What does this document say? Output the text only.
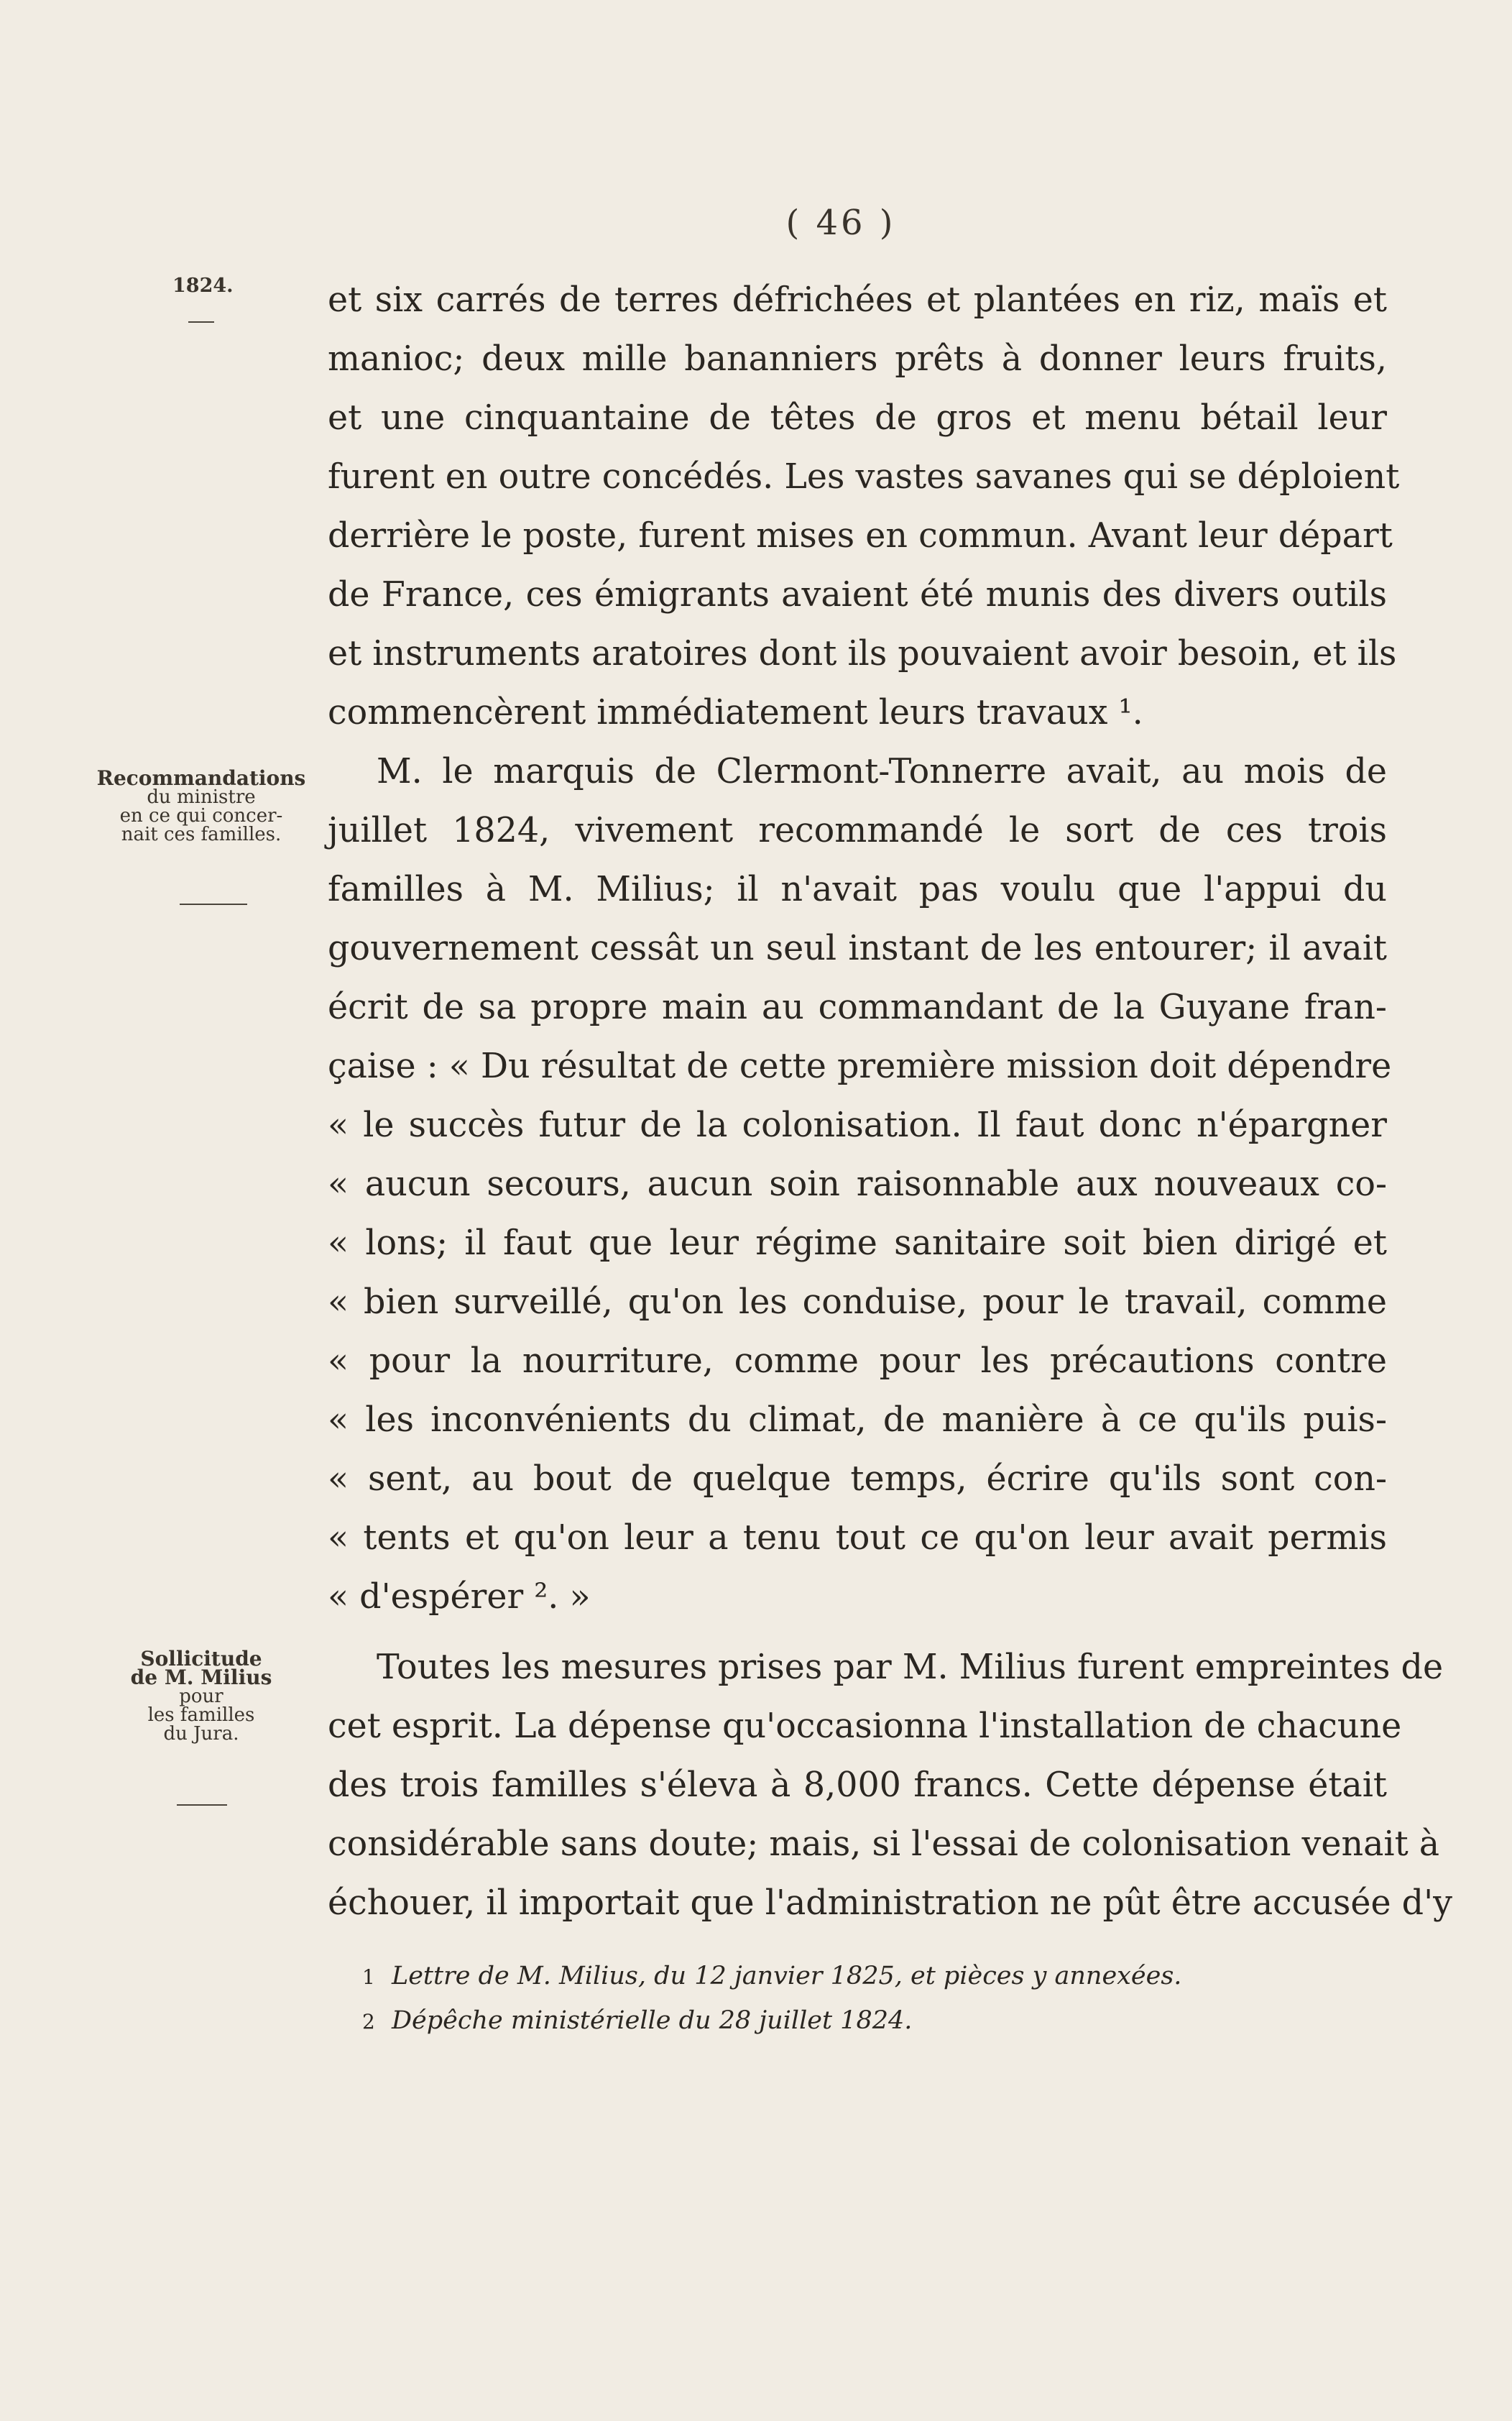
( 46 )
1824.
Recommandations
du ministre
en ce qui concer-
nait ces familles.
Sollicitude
de M. Milius
pour
les familles
du Jura.
et six carrés de terres défrichées et plantées en riz, maïs et
manioc; deux mille bananniers prêts à donner leurs fruits,
et une cinquantaine de têtes de gros et menu bétail leur
furent en outre concédés. Les vastes savanes qui se déploient
derrière le poste, furent mises en commun. Avant leur départ
de France, ces émigrants avaient été munis des divers outils
et instruments aratoires dont ils pouvaient avoir besoin, et ils
commencèrent immédiatement leurs travaux ¹.
M. le marquis de Clermont-Tonnerre avait, au mois de
juillet 1824, vivement recommandé le sort de ces trois
familles à M. Milius; il n'avait pas voulu que l'appui du
gouvernement cessât un seul instant de les entourer; il avait
écrit de sa propre main au commandant de la Guyane fran-
çaise : « Du résultat de cette première mission doit dépendre
« le succès futur de la colonisation. Il faut donc n'épargner
« aucun secours, aucun soin raisonnable aux nouveaux co-
« lons; il faut que leur régime sanitaire soit bien dirigé et
« bien surveillé, qu'on les conduise, pour le travail, comme
« pour la nourriture, comme pour les précautions contre
« les inconvénients du climat, de manière à ce qu'ils puis-
« sent, au bout de quelque temps, écrire qu'ils sont con-
« tents et qu'on leur a tenu tout ce qu'on leur avait permis
« d'espérer ². »
Toutes les mesures prises par M. Milius furent empreintes de
cet esprit. La dépense qu'occasionna l'installation de chacune
des trois familles s'éleva à 8,000 francs. Cette dépense était
considérable sans doute; mais, si l'essai de colonisation venait à
échouer, il importait que l'administration ne pût être accusée d'y
1 Lettre de M. Milius, du 12 janvier 1825, et pièces y annexées.
2 Dépêche ministérielle du 28 juillet 1824.
